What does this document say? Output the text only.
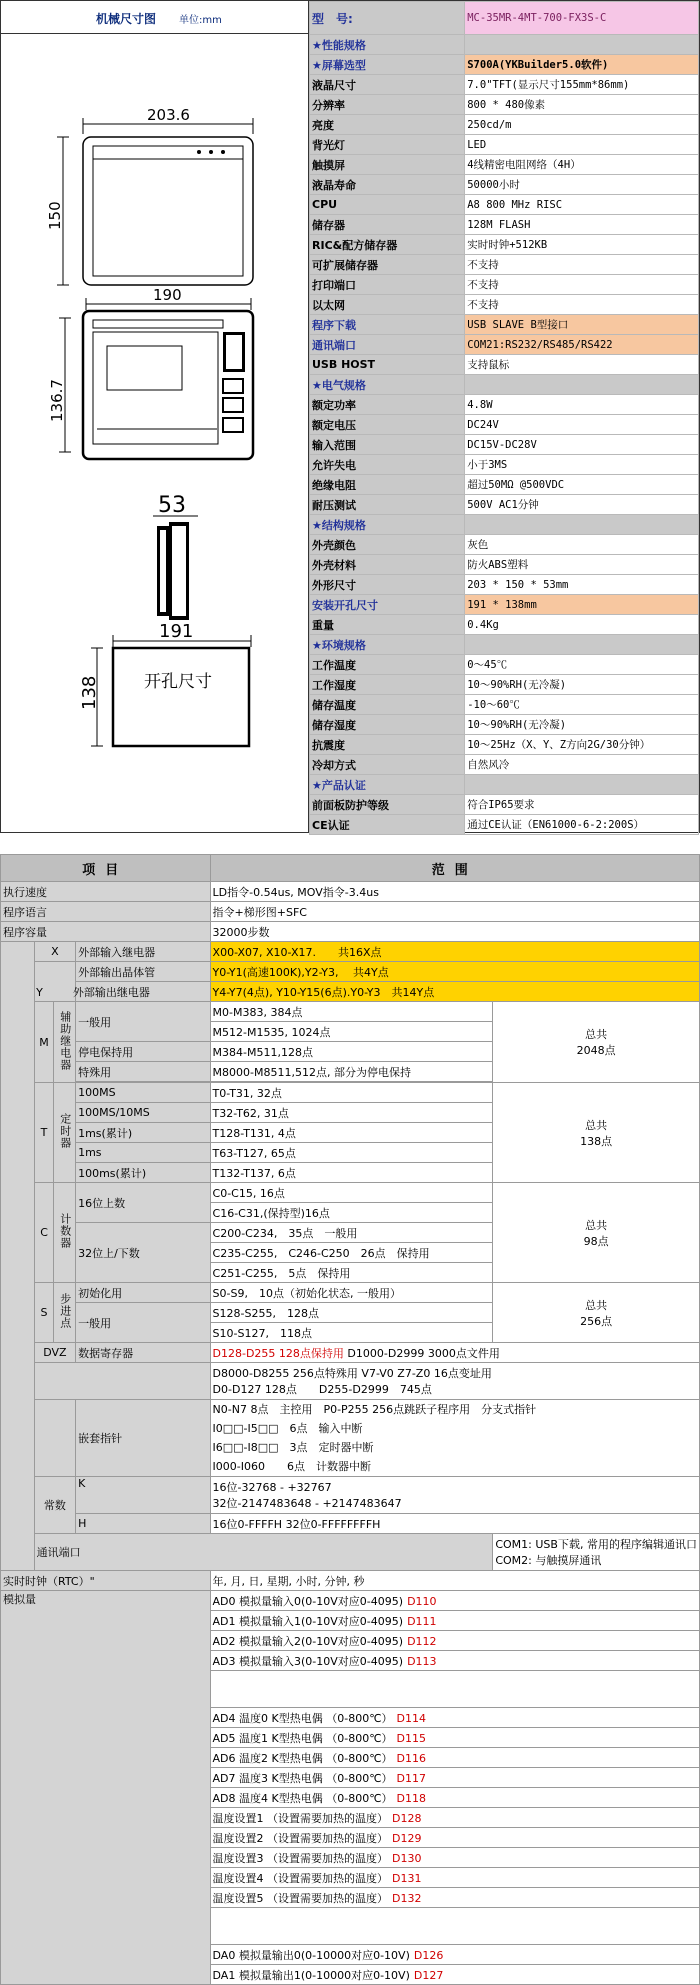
机械尺寸图 单位:mm
203.6
150
190
136.7
53
191
开孔尺寸
138
型　号:	MC-35MR-4MT-700-FX3S-C
★性能规格	
★屏幕选型	S700A(YKBuilder5.0软件)
液晶尺寸	7.0"TFT(显示尺寸155mm*86mm)
分辨率	800 * 480像素
亮度	250cd/m
背光灯	LED
触摸屏	4线精密电阻网络（4H）
液晶寿命	50000小时
CPU	A8 800 MHz RISC
储存器	128M FLASH
RIC&配方储存器	实时时钟+512KB
可扩展储存器	不支持
打印端口	不支持
以太网	不支持
程序下载	USB SLAVE B型接口
通讯端口	COM21:RS232/RS485/RS422
USB HOST	支持鼠标
★电气规格	
额定功率	4.8W
额定电压	DC24V
输入范围	DC15V-DC28V
允许失电	小于3MS
绝缘电阻	超过50MΩ @500VDC
耐压测试	500V AC1分钟
★结构规格	
外壳颜色	灰色
外壳材料	防火ABS塑料
外形尺寸	203 * 150 * 53mm
安装开孔尺寸	191 * 138mm
重量	0.4Kg
★环境规格	
工作温度	0～45℃
工作湿度	10～90%RH(无冷凝)
储存温度	-10～60℃
储存湿度	10～90%RH(无冷凝)
抗震度	10～25Hz（X、Y、Z方向2G/30分钟）
冷却方式	自然风冷
★产品认证	
前面板防护等级	符合IP65要求
CE认证	通过CE认证（EN61000-6-2:200S）
项目				范围	
执行速度				LD指令-0.54us, MOV指令-3.4us	
程序语言				指令+梯形图+SFC	
程序容量				32000步数	
	X		外部输入继电器	X00-X07, X10-X17.　　共16X点	
			外部输出晶体管	Y0-Y1(高速100K),Y2-Y3, 　共4Y点	
			Y 外部输出继电器	Y4-Y7(4点), Y10-Y15(6点).Y0-Y3　共14Y点	
	M	辅助继电器	一般用	M0-M383, 384点	总共
2048点
				M512-M1535, 1024点	
			停电保持用	M384-M511,128点	
			特殊用	M8000-M8511,512点, 部分为停电保持	

	T	定时器	100MS	T0-T31, 32点	总共
138点
			100MS/10MS	T32-T62, 31点	
			1ms(累计)	T128-T131, 4点	
			1ms	T63-T127, 65点	
			100ms(累计)	T132-T137, 6点	
	C	计数器	16位上数	C0-C15, 16点	总共
98点
				C16-C31,(保持型)16点	
			32位上/下数	C200-C234,　35点　一般用	
				C235-C255,　C246-C250　26点　保持用	
				C251-C255,　5点　保持用	
	S	步进点	初始化用	S0-S9,　10点（初始化状态, 一般用）	总共
256点
			一般用	S128-S255,　128点	
				S10-S127,　118点	
	DVZ		数据寄存器	D128-D255 128点保持用 D1000-D2999 3000点文件用	
				D8000-D8255 256点特殊用 V7-V0 Z7-Z0 16点变址用
D0-D127 128点　　D255-D2999　745点	
			嵌套指针	N0-N7 8点　主控用　P0-P255 256点跳跃子程序用　分支式指针
I0□□-I5□□　6点　输入中断
I6□□-I8□□　3点　定时器中断
I000-I060　　6点　计数器中断	
	常数		K	16位-32768 - +32767
32位-2147483648 - +2147483647	
			H	16位0-FFFFH 32位0-FFFFFFFFH	
	通讯端口				COM1: USB下载, 常用的程序编辑通讯口
COM2: 与触摸屏通讯
实时时钟（RTC）"				年, 月, 日, 星期, 小时, 分钟, 秒	
模拟量				AD0 模拟量输入0(0-10V对应0-4095) D110	
				AD1 模拟量输入1(0-10V对应0-4095) D111	
				AD2 模拟量输入2(0-10V对应0-4095) D112	
				AD3 模拟量输入3(0-10V对应0-4095) D113	

				AD4 温度0 K型热电偶 （0-800℃） D114	
				AD5 温度1 K型热电偶 （0-800℃） D115	
				AD6 温度2 K型热电偶 （0-800℃） D116	
				AD7 温度3 K型热电偶 （0-800℃） D117	
				AD8 温度4 K型热电偶 （0-800℃） D118	
				温度设置1 （设置需要加热的温度） D128	
				温度设置2 （设置需要加热的温度） D129	
				温度设置3 （设置需要加热的温度） D130	
				温度设置4 （设置需要加热的温度） D131	
				温度设置5 （设置需要加热的温度） D132	

				DA0 模拟量输出0(0-10000对应0-10V) D126	
				DA1 模拟量输出1(0-10000对应0-10V) D127	
